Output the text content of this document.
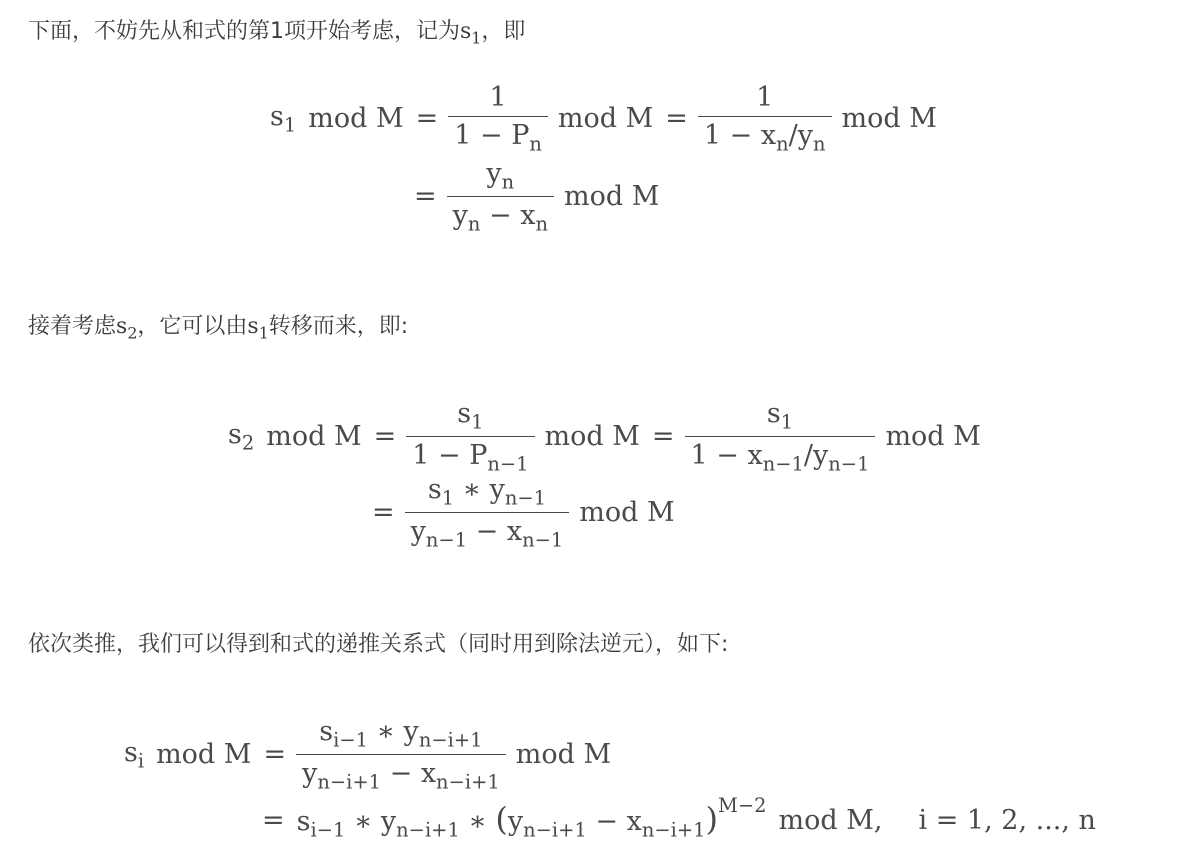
下面，不妨先从和式的第1项开始考虑，记为$s_1$，即
$s_1$ mod $M = \frac{1}{1 - P_n}$ mod $M = \frac{1}{1 - x_n/y_n}$ mod M
= $\frac{y_n}{y_n - x_n}$ mod M
接着考虑$s_2$，它可以由$s_1$转移而来，即:
$s_2$ mod $M = \frac{s_1}{1 - P_{n-1}}$ mod $M = \frac{s_1}{1 - x_{n-1}/y_{n-1}}$ mod M
= $\frac{s_1 ∗ y_{n-1}}{y_{n-1} - x_{n-1}}$ mod M
依次类推，我们可以得到和式的递推关系式（同时用到除法逆元），如下:
$s_i$ mod $M = \frac{s_{i-1} ∗ y_{n-i+1}}{y_{n-i+1} - x_{n-i+1}}$ mod M
= $s_{i-1}$ ∗ $y_{n-i+1}$ ∗ $(y_{n-i+1} - x_{n-i+1})^{M-2}$ mod M, i = 1, 2, ..., n
